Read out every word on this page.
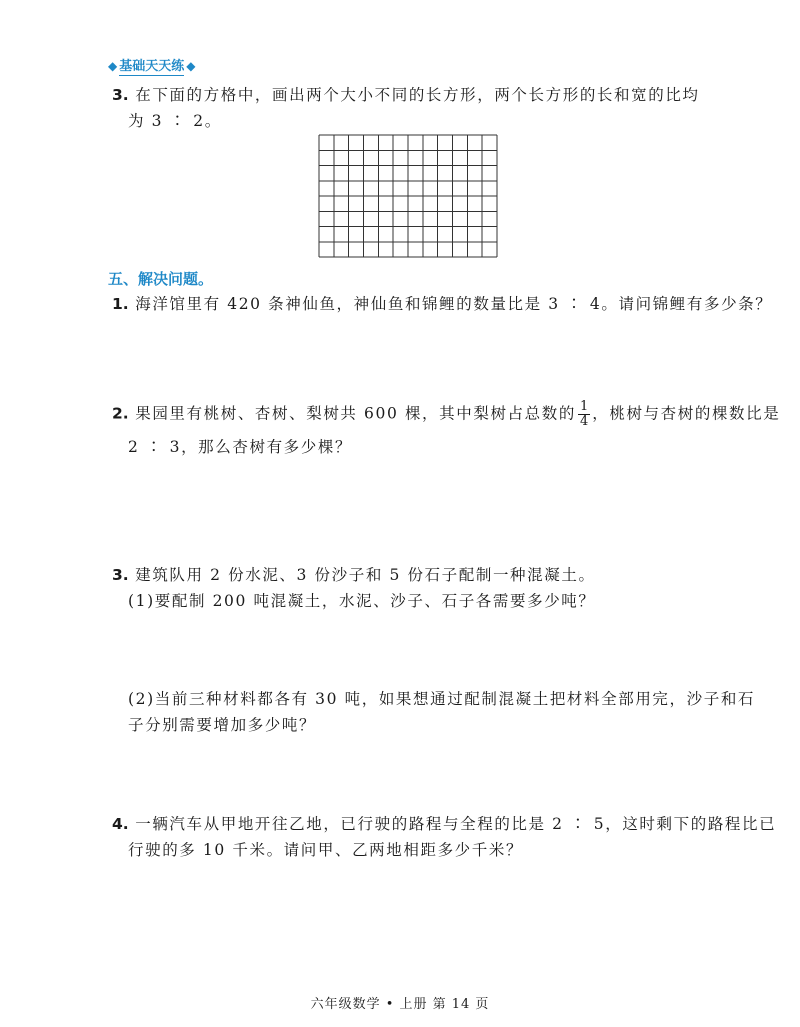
◆ 基础天天练 ◆
3. 在下面的方格中，画出两个大小不同的长方形，两个长方形的长和宽的比均
为 3 ∶ 2。
五、解决问题。
1. 海洋馆里有 420 条神仙鱼，神仙鱼和锦鲤的数量比是 3 ∶ 4。请问锦鲤有多少条？
2. 果园里有桃树、杏树、梨树共 600 棵，其中梨树占总数的 $\frac{1}{4}$ ，桃树与杏树的棵数比是
2 ∶ 3，那么杏树有多少棵？
3. 建筑队用 2 份水泥、3 份沙子和 5 份石子配制一种混凝土。
(1)要配制 200 吨混凝土，水泥、沙子、石子各需要多少吨？
(2)当前三种材料都各有 30 吨，如果想通过配制混凝土把材料全部用完，沙子和石
子分别需要增加多少吨？
4. 一辆汽车从甲地开往乙地，已行驶的路程与全程的比是 2 ∶ 5，这时剩下的路程比已
行驶的多 10 千米。请问甲、乙两地相距多少千米？
六年级数学 • 上册 第 14 页
